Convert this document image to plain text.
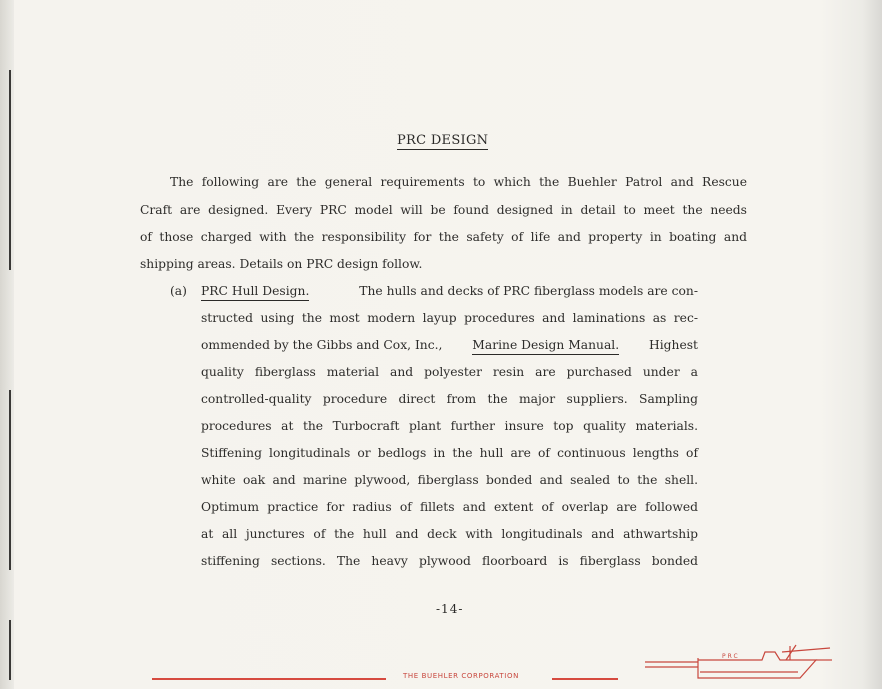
PRC DESIGN
The following are the general requirements to which the Buehler Patrol and Rescue
Craft are designed. Every PRC model will be found designed in detail to meet the needs
of those charged with the responsibility for the safety of life and property in boating and
shipping areas. Details on PRC design follow.
(a) PRC Hull Design.	The hulls and decks of PRC fiberglass models are con-
structed using the most modern layup procedures and laminations as rec-
ommended by the Gibbs and Cox, Inc., Marine Design Manual. Highest
quality fiberglass material and polyester resin are purchased under a
controlled-quality procedure direct from the major suppliers. Sampling
procedures at the Turbocraft plant further insure top quality materials.
Stiffening longitudinals or bedlogs in the hull are of continuous lengths of
white oak and marine plywood, fiberglass bonded and sealed to the shell.
Optimum practice for radius of fillets and extent of overlap are followed
at all junctures of the hull and deck with longitudinals and athwartship
stiffening sections. The heavy plywood floorboard is fiberglass bonded
-14-
THE BUEHLER CORPORATION
PRC
